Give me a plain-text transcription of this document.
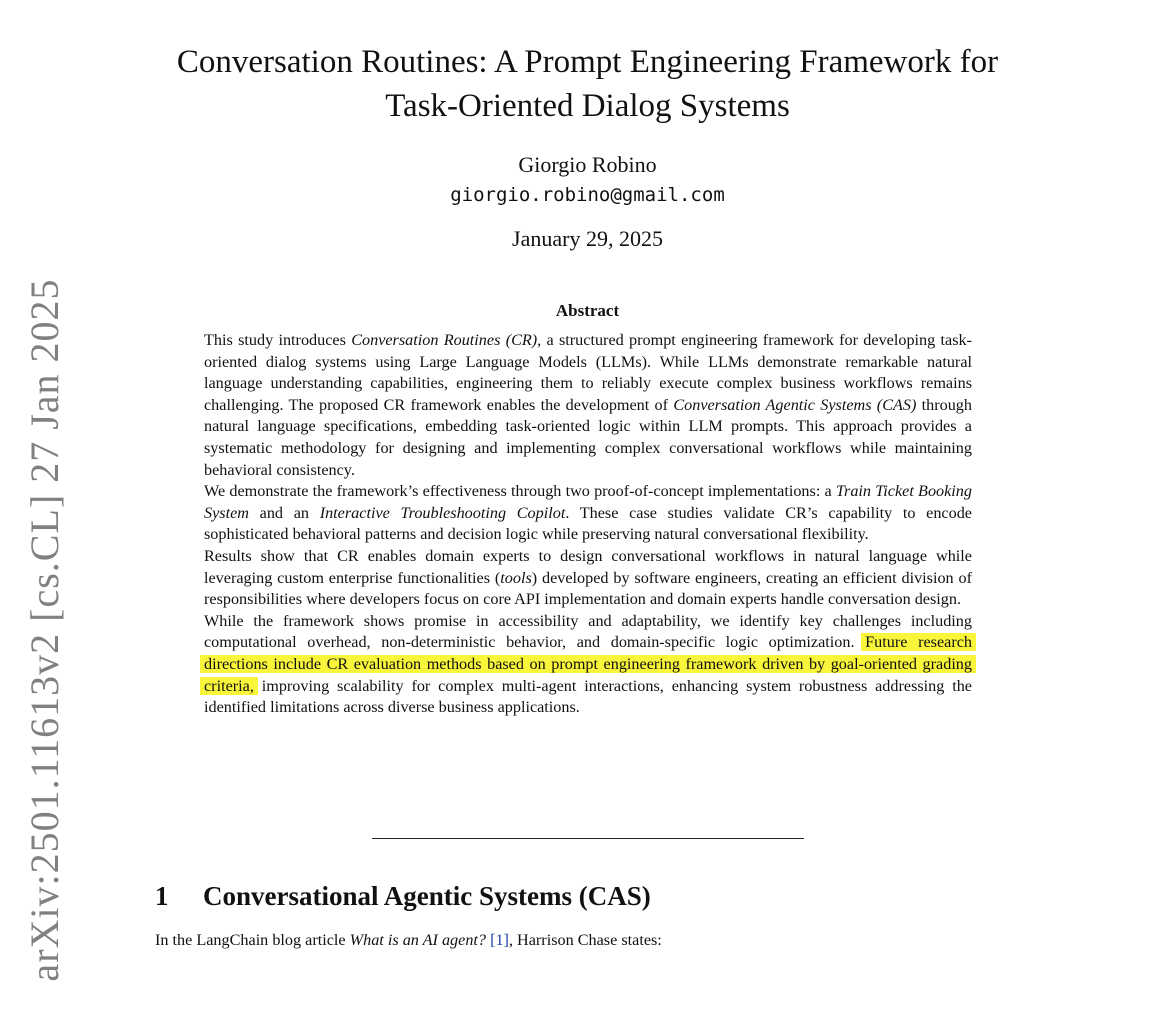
arXiv:2501.11613v2 [cs.CL] 27 Jan 2025
Conversation Routines: A Prompt Engineering Framework for
Task-Oriented Dialog Systems
Giorgio Robino
giorgio.robino@gmail.com
January 29, 2025
Abstract

This study introduces Conversation Routines (CR), a structured prompt engineering framework for developing task-oriented dialog systems using Large Language Models (LLMs). While LLMs demonstrate remarkable natural language understanding capabilities, engineering them to reliably execute complex business workflows remains challenging. The proposed CR framework enables the development of Conversation Agentic Systems (CAS) through natural language specifications, embedding task-oriented logic within LLM prompts. This approach provides a systematic methodology for designing and implementing complex conversational workflows while maintaining behavioral consistency.

We demonstrate the framework’s effectiveness through two proof-of-concept implementations: a Train Ticket Booking System and an Interactive Troubleshooting Copilot. These case studies validate CR’s capability to encode sophisticated behavioral patterns and decision logic while preserving natural conversational flexibility.

Results show that CR enables domain experts to design conversational workflows in natural language while leveraging custom enterprise functionalities (tools) developed by software engineers, creating an efficient division of responsibilities where developers focus on core API implementation and domain experts handle conversation design.

While the framework shows promise in accessibility and adaptability, we identify key challenges including computational overhead, non-deterministic behavior, and domain-specific logic optimization. Future research directions include CR evaluation methods based on prompt engineering framework driven by goal-oriented grading criteria, improving scalability for complex multi-agent interactions, enhancing system robustness addressing the identified limitations across diverse business applications.

1 Conversational Agentic Systems (CAS)
In the LangChain blog article What is an AI agent? [1], Harrison Chase states:
